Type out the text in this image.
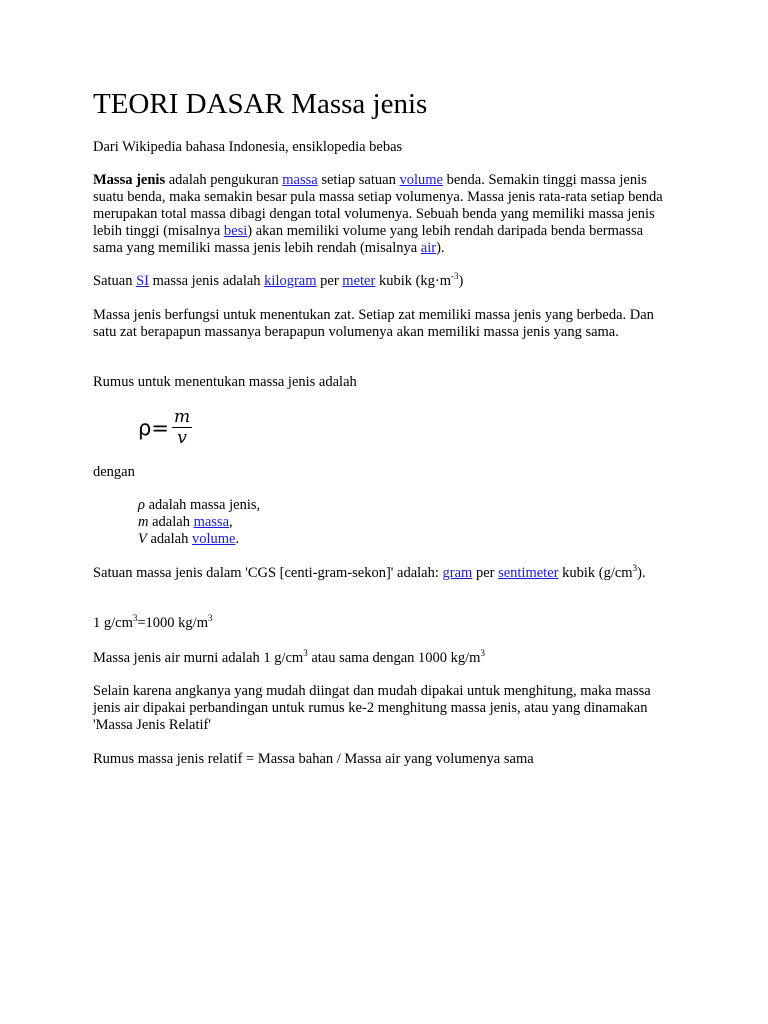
TEORI DASAR Massa jenis
Dari Wikipedia bahasa Indonesia, ensiklopedia bebas
Massa jenis adalah pengukuran massa setiap satuan volume benda. Semakin tinggi massa jenis suatu benda, maka semakin besar pula massa setiap volumenya. Massa jenis rata-rata setiap benda merupakan total massa dibagi dengan total volumenya. Sebuah benda yang memiliki massa jenis lebih tinggi (misalnya besi) akan memiliki volume yang lebih rendah daripada benda bermassa sama yang memiliki massa jenis lebih rendah (misalnya air).
Satuan SI massa jenis adalah kilogram per meter kubik $(kg\cdot m^{-3})$
Massa jenis berfungsi untuk menentukan zat. Setiap zat memiliki massa jenis yang berbeda. Dan satu zat berapapun massanya berapapun volumenya akan memiliki massa jenis yang sama.
Rumus untuk menentukan massa jenis adalah
$\rho= \frac{m}{v}$
dengan
ρ adalah massa jenis,
m adalah massa,
V adalah volume.
Satuan massa jenis dalam 'CGS [centi-gram-sekon]' adalah: gram per sentimeter kubik $(g/cm^3)$.
1 $g/cm^3=1000$ $kg/m^3$
Massa jenis air murni adalah 1 $g/cm^3$ atau sama dengan 1000 $kg/m^3$
Selain karena angkanya yang mudah diingat dan mudah dipakai untuk menghitung, maka massa jenis air dipakai perbandingan untuk rumus ke-2 menghitung massa jenis, atau yang dinamakan 'Massa Jenis Relatif'
Rumus massa jenis relatif = Massa bahan / Massa air yang volumenya sama
